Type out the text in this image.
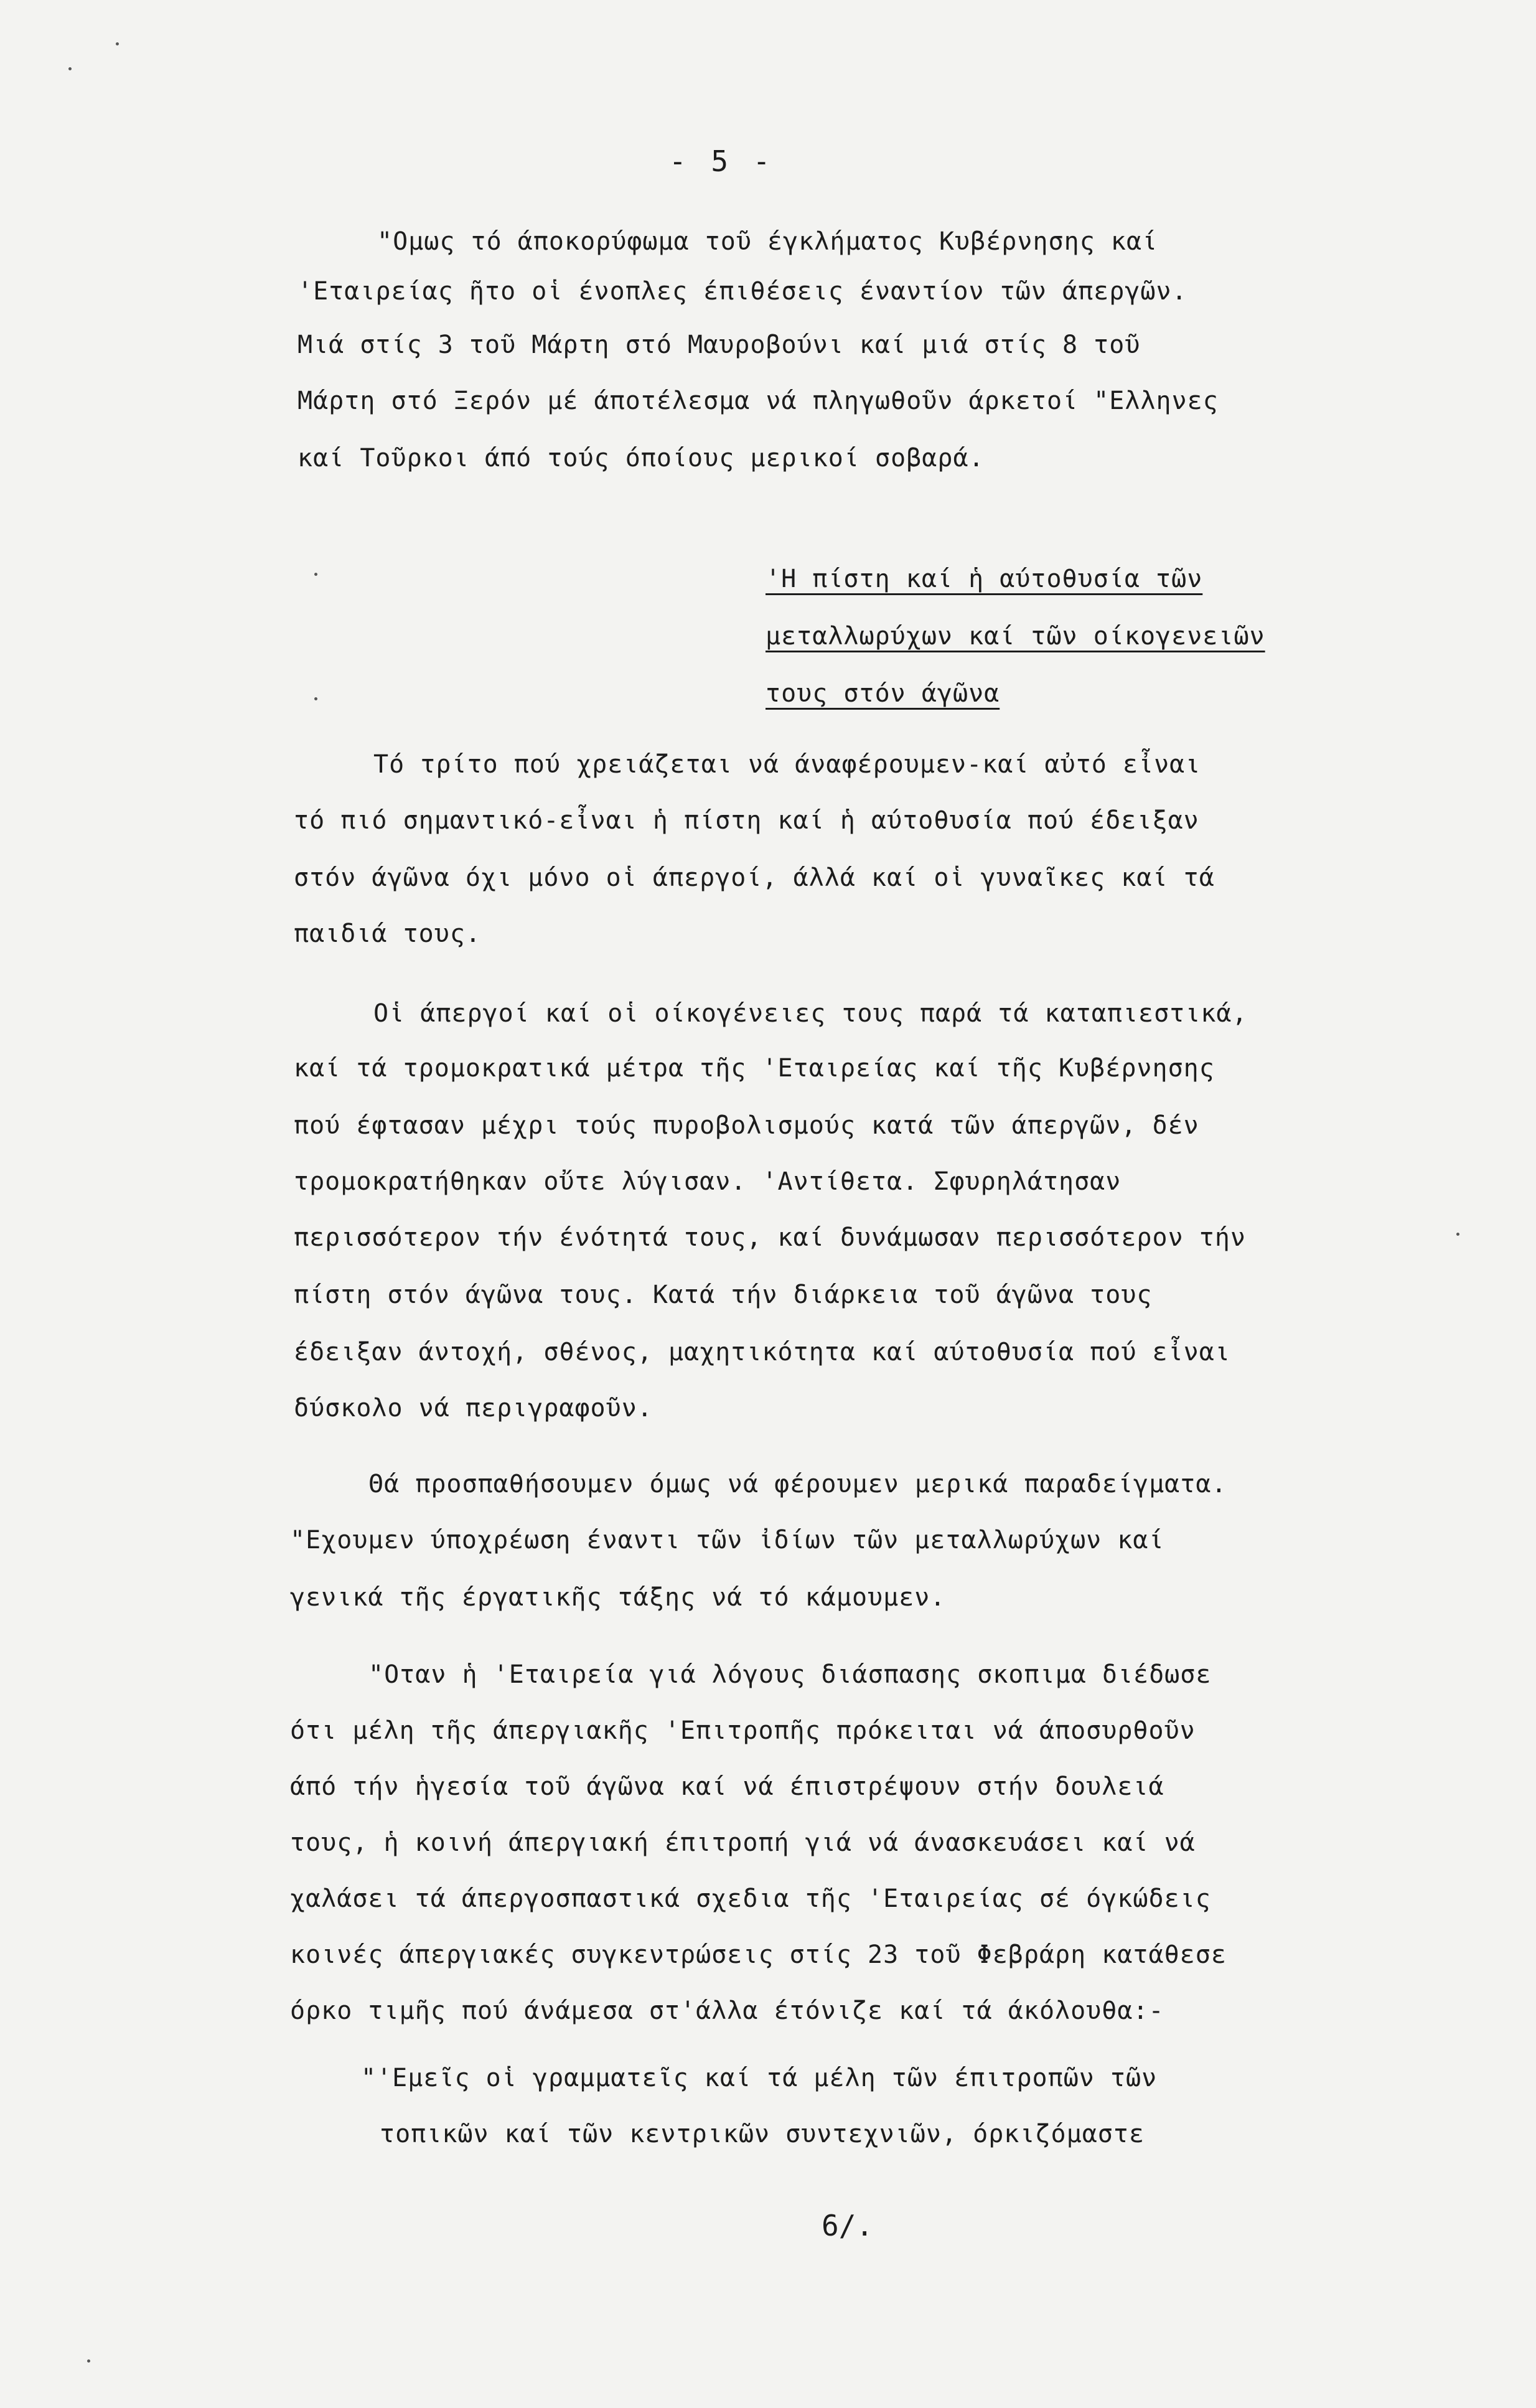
- 5 -
"Ομως τό άποκορύφωμα τοῦ έγκλήματος Κυβέρνησης καί
'Εταιρείας ῆτο οἱ ένοπλες έπιθέσεις έναντίον τῶν άπεργῶν.
Μιά στίς 3 τοῦ Μάρτη στό Μαυροβούνι καί μιά στίς 8 τοῦ
Μάρτη στό Ξερόν μέ άποτέλεσμα νά πληγωθοῦν άρκετοί "Ελληνες
καί Τοῦρκοι άπό τούς όποίους μερικοί σοβαρά.
'Η πίστη καί ἡ αύτοθυσία τῶν
μεταλλωρύχων καί τῶν οίκογενειῶν
τους στόν άγῶνα
Τό τρίτο πού χρειάζεται νά άναφέρουμεν-καί αὐτό εἶναι
τό πιό σημαντικό-εἶναι ἡ πίστη καί ἡ αύτοθυσία πού έδειξαν
στόν άγῶνα όχι μόνο οἱ άπεργοί, άλλά καί οἱ γυναῖκες καί τά
παιδιά τους.
Οἱ άπεργοί καί οἱ οίκογένειες τους παρά τά καταπιεστικά,
καί τά τρομοκρατικά μέτρα τῆς 'Εταιρείας καί τῆς Κυβέρνησης
πού έφτασαν μέχρι τούς πυροβολισμούς κατά τῶν άπεργῶν, δέν
τρομοκρατήθηκαν οὔτε λύγισαν. 'Αντίθετα. Σφυρηλάτησαν
περισσότερον τήν ένότητά τους, καί δυνάμωσαν περισσότερον τήν
πίστη στόν άγῶνα τους. Κατά τήν διάρκεια τοῦ άγῶνα τους
έδειξαν άντοχή, σθένος, μαχητικότητα καί αύτοθυσία πού εἶναι
δύσκολο νά περιγραφοῦν.
Θά προσπαθήσουμεν όμως νά φέρουμεν μερικά παραδείγματα.
"Εχουμεν ύποχρέωση έναντι τῶν ἰδίων τῶν μεταλλωρύχων καί
γενικά τῆς έργατικῆς τάξης νά τό κάμουμεν.
"Οταν ἡ 'Εταιρεία γιά λόγους διάσπασης σκοπιμα διέδωσε
ότι μέλη τῆς άπεργιακῆς 'Επιτροπῆς πρόκειται νά άποσυρθοῦν
άπό τήν ἡγεσία τοῦ άγῶνα καί νά έπιστρέψουν στήν δουλειά
τους, ἡ κοινή άπεργιακή έπιτροπή γιά νά άνασκευάσει καί νά
χαλάσει τά άπεργοσπαστικά σχεδια τῆς 'Εταιρείας σέ όγκώδεις
κοινές άπεργιακές συγκεντρώσεις στίς 23 τοῦ Φεβράρη κατάθεσε
όρκο τιμῆς πού άνάμεσα στ'άλλα έτόνιζε καί τά άκόλουθα:-
"'Εμεῖς οἱ γραμματεῖς καί τά μέλη τῶν έπιτροπῶν τῶν
τοπικῶν καί τῶν κεντρικῶν συντεχνιῶν, όρκιζόμαστε
6/.
